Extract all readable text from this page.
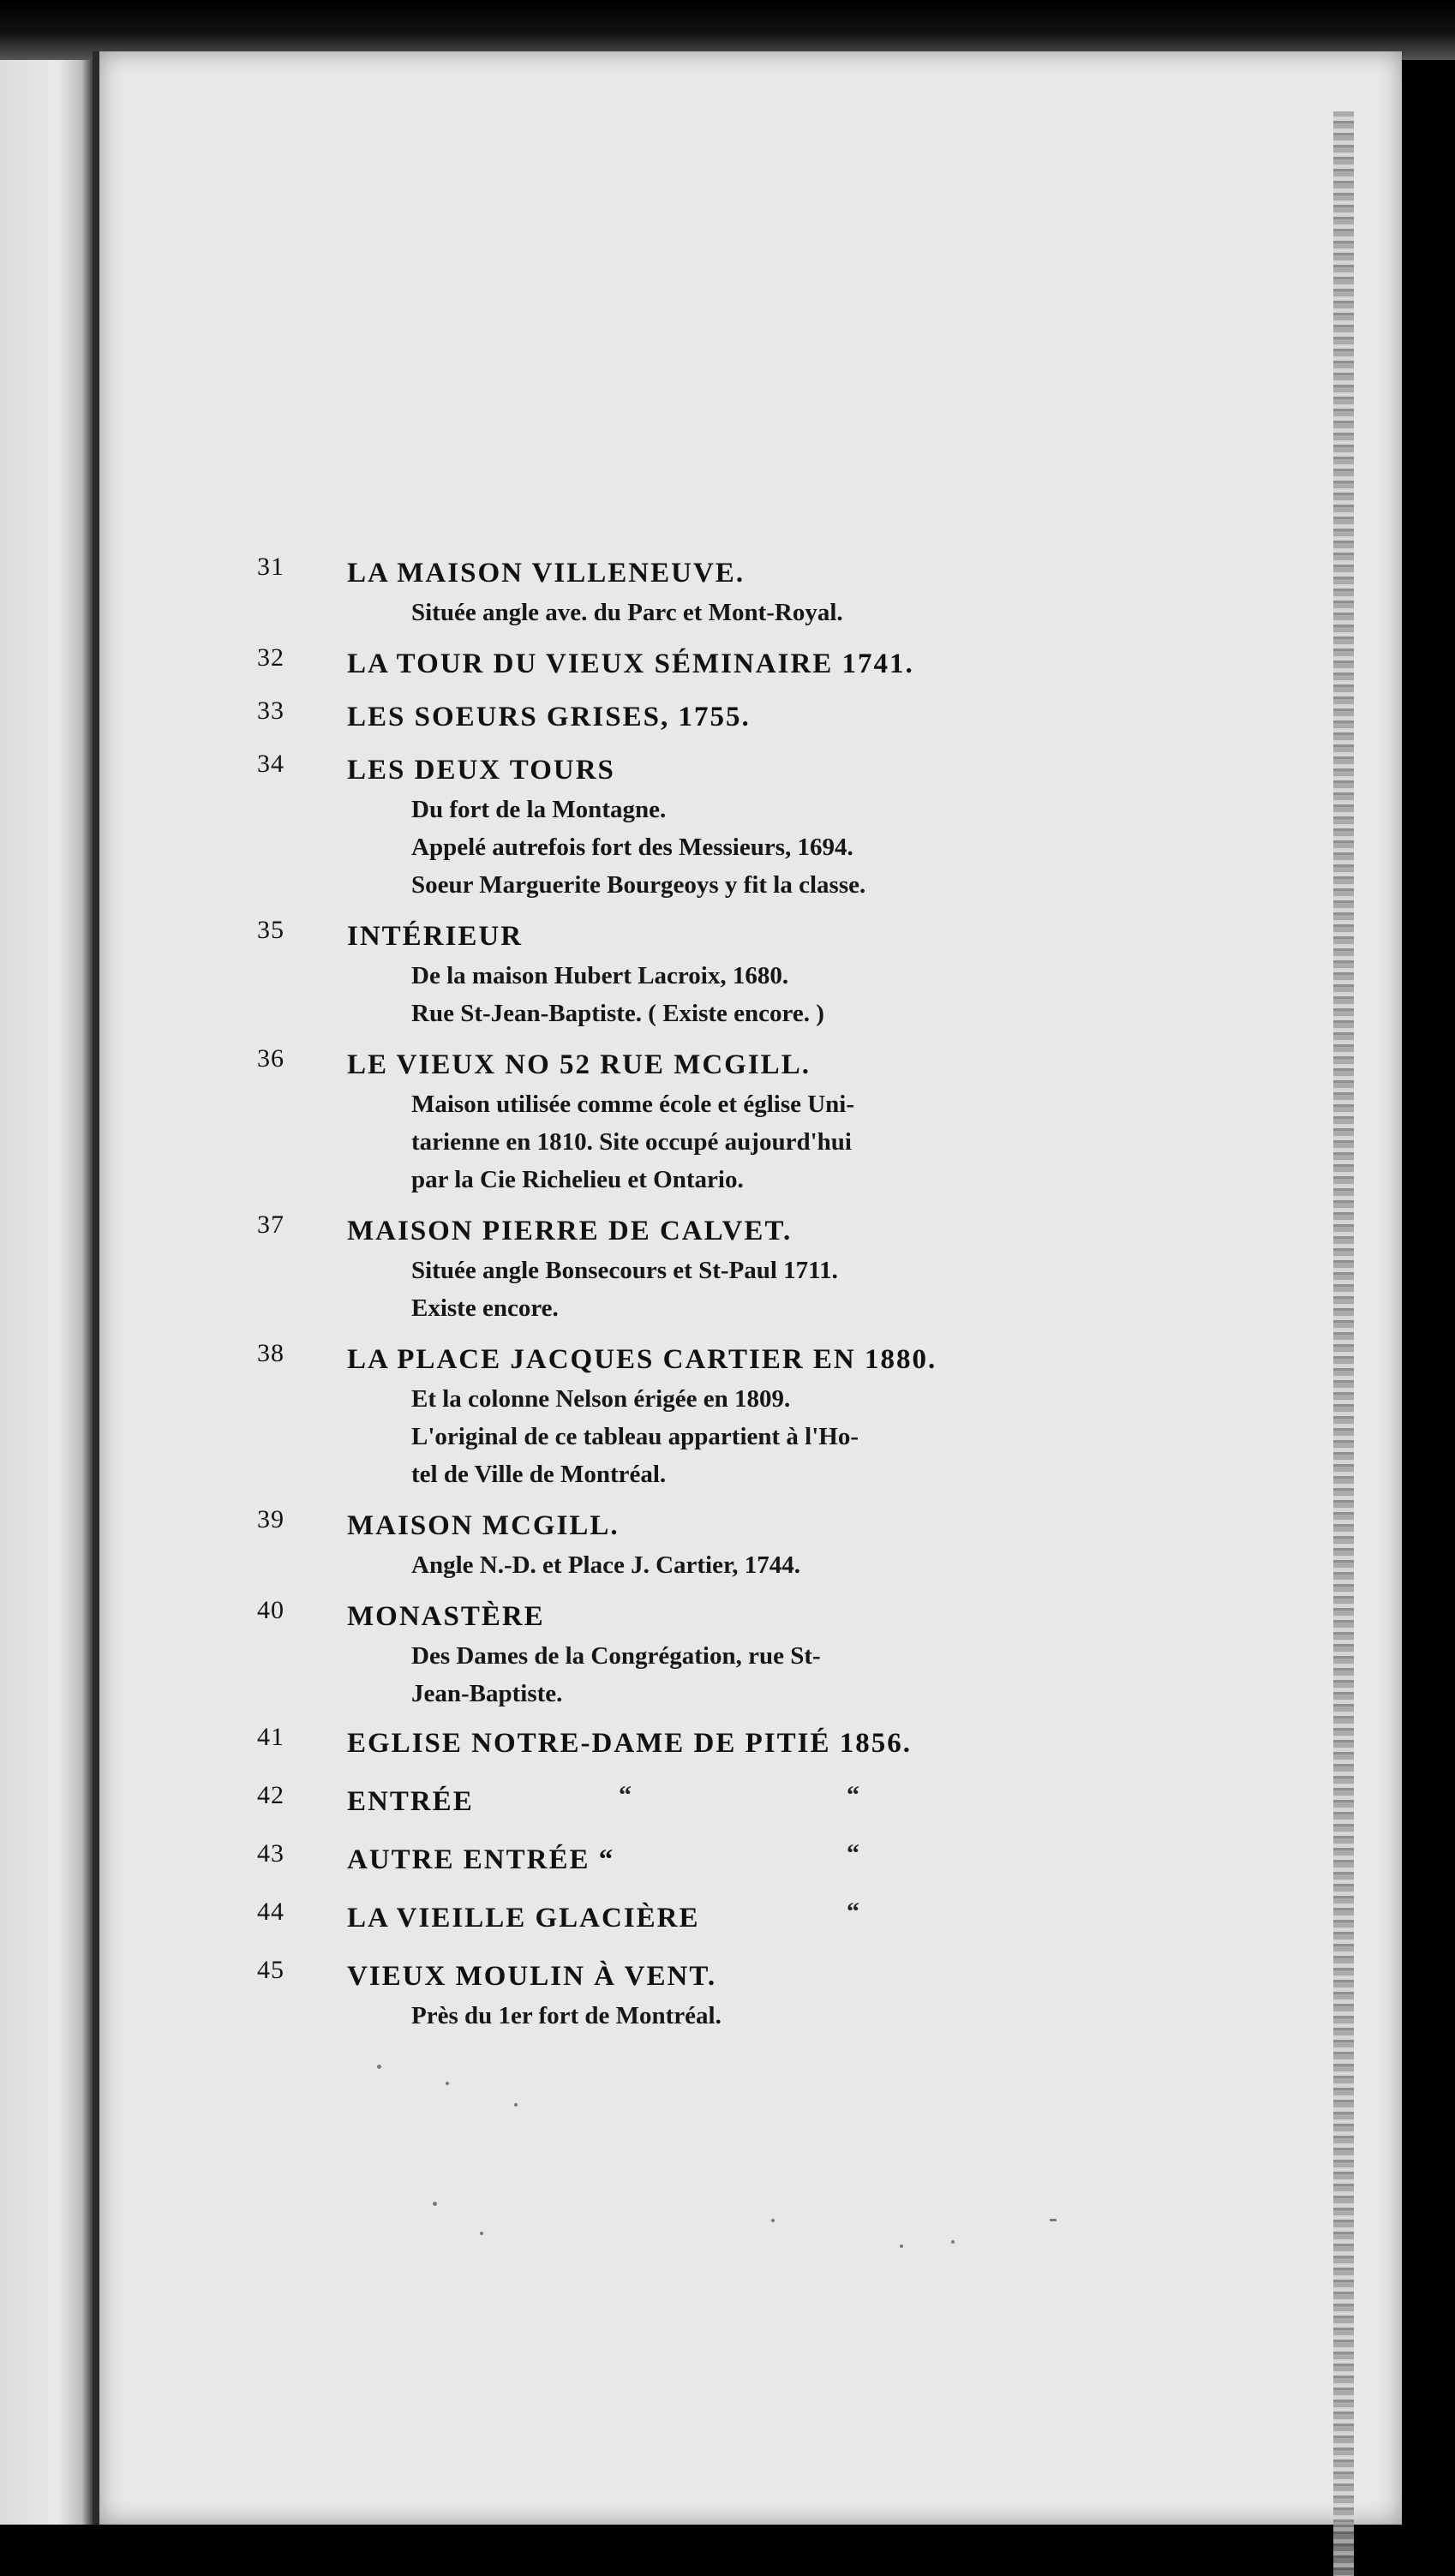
31	LA MAISON VILLENEUVE.
Située angle ave. du Parc et Mont-Royal.
32	LA TOUR DU VIEUX SÉMINAIRE 1741.
33	LES SOEURS GRISES, 1755.
34	LES DEUX TOURS
Du fort de la Montagne.
Appelé autrefois fort des Messieurs, 1694.
Soeur Marguerite Bourgeoys y fit la classe.
35	INTÉRIEUR
De la maison Hubert Lacroix, 1680.
Rue St-Jean-Baptiste. ( Existe encore. )
36	LE VIEUX NO 52 RUE MCGILL.
Maison utilisée comme école et église Uni-
tarienne en 1810. Site occupé aujourd'hui
par la Cie Richelieu et Ontario.
37	MAISON PIERRE DE CALVET.
Située angle Bonsecours et St-Paul 1711.
Existe encore.
38	LA PLACE JACQUES CARTIER EN 1880.
Et la colonne Nelson érigée en 1809.
L'original de ce tableau appartient à l'Ho-
tel de Ville de Montréal.
39	MAISON MCGILL.
Angle N.-D. et Place J. Cartier, 1744.
40	MONASTÈRE
Des Dames de la Congrégation, rue St-
Jean-Baptiste.
41	EGLISE NOTRE-DAME DE PITIÉ 1856.
42	ENTRÉE	“	“
43	AUTRE ENTRÉE “	“
44	LA VIEILLE GLACIÈRE	“
45	VIEUX MOULIN À VENT.
Près du 1er fort de Montréal.
